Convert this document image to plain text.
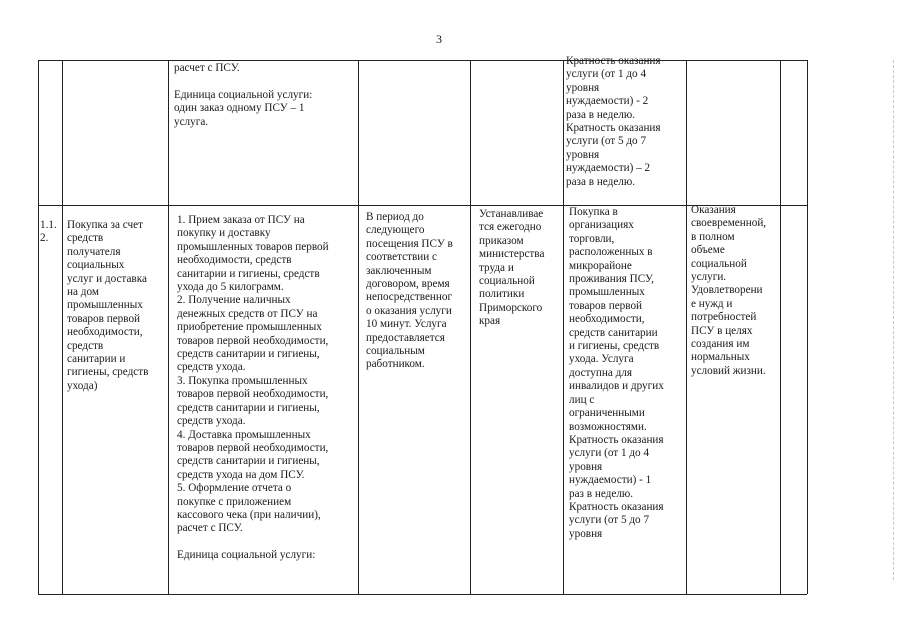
3
расчет с ПСУ.

Единица социальной услуги:
один заказ одному ПСУ – 1
услуга.
Кратность оказания
услуги (от 1 до 4
уровня
нуждаемости) - 2
раза в неделю.
Кратность оказания
услуги (от 5 до 7
уровня
нуждаемости) – 2
раза в неделю.
1.1.
2.
Покупка за счет
средств
получателя
социальных
услуг и доставка
на дом
промышленных
товаров первой
необходимости,
средств
санитарии и
гигиены, средств
ухода)
1. Прием заказа от ПСУ на
покупку и доставку
промышленных товаров первой
необходимости, средств
санитарии и гигиены, средств
ухода до 5 килограмм.
2. Получение наличных
денежных средств от ПСУ на
приобретение промышленных
товаров первой необходимости,
средств санитарии и гигиены,
средств ухода.
3. Покупка промышленных
товаров первой необходимости,
средств санитарии и гигиены,
средств ухода.
4. Доставка промышленных
товаров первой необходимости,
средств санитарии и гигиены,
средств ухода на дом ПСУ.
5. Оформление отчета о
покупке с приложением
кассового чека (при наличии),
расчет с ПСУ.

Единица социальной услуги:
В период до
следующего
посещения ПСУ в
соответствии с
заключенным
договором, время
непосредственног
о оказания услуги
10 минут. Услуга
предоставляется
социальным
работником.
Устанавливае
тся ежегодно
приказом
министерства
труда и
социальной
политики
Приморского
края
Покупка в
организациях
торговли,
расположенных в
микрорайоне
проживания ПСУ,
промышленных
товаров первой
необходимости,
средств санитарии
и гигиены, средств
ухода. Услуга
доступна для
инвалидов и других
лиц с
ограниченными
возможностями.
Кратность оказания
услуги (от 1 до 4
уровня
нуждаемости) - 1
раз в неделю.
Кратность оказания
услуги (от 5 до 7
уровня
Оказания
своевременной,
в полном
объеме
социальной
услуги.
Удовлетворени
е нужд и
потребностей
ПСУ в целях
создания им
нормальных
условий жизни.
